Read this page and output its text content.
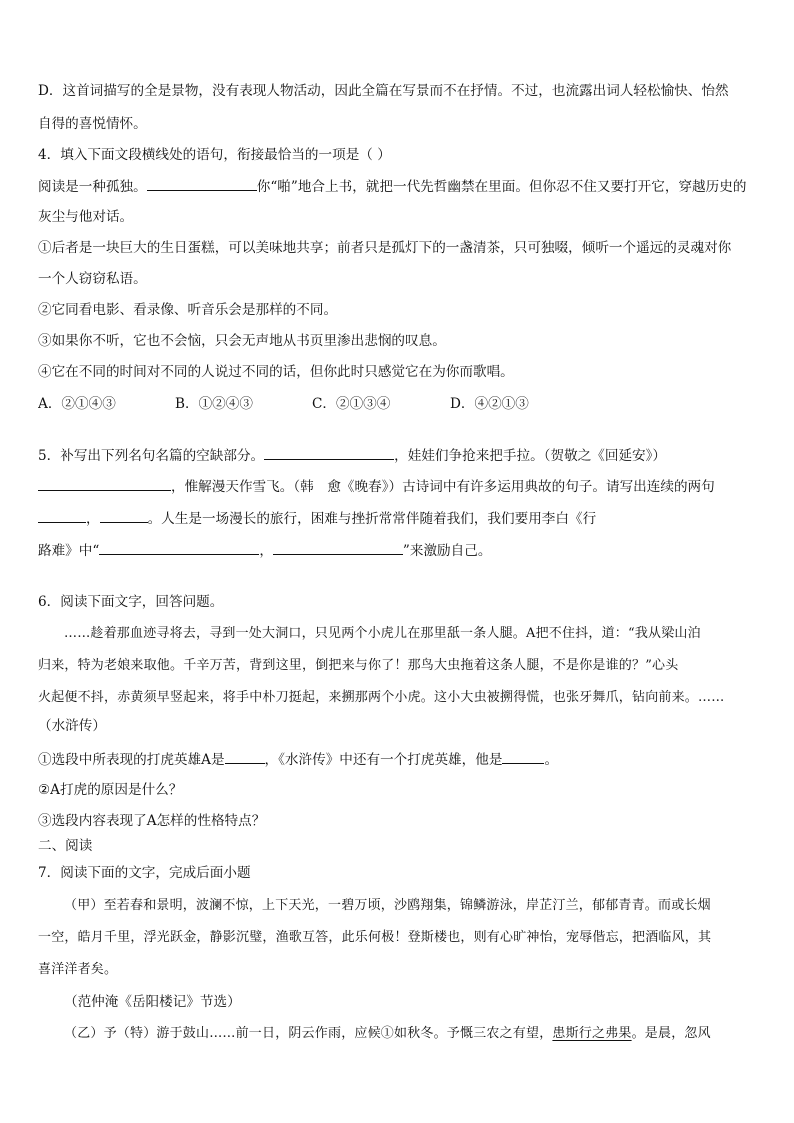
D．这首词描写的全是景物，没有表现人物活动，因此全篇在写景而不在抒情。不过，也流露出词人轻松愉快、怡然
自得的喜悦情怀。
4．填入下面文段横线处的语句，衔接最恰当的一项是（ ）
阅读是一种孤独。	你“啪”地合上书，就把一代先哲幽禁在里面。但你忍不住又要打开它，穿越历史的
灰尘与他对话。
①后者是一块巨大的生日蛋糕，可以美味地共享；前者只是孤灯下的一盏清茶，只可独啜，倾听一个遥远的灵魂对你
一个人窃窃私语。
②它同看电影、看录像、听音乐会是那样的不同。
③如果你不听，它也不会恼，只会无声地从书页里渗出悲悯的叹息。
④它在不同的时间对不同的人说过不同的话，但你此时只感觉它在为你而歌唱。
A．②①④③	B．①②④③	C．②①③④	D．④②①③
5．补写出下列名句名篇的空缺部分。	，娃娃们争抢来把手拉。（贺敬之《回延安》）
，惟解漫天作雪飞。（韩　愈《晚春》）古诗词中有许多运用典故的句子。请写出连续的两句
，	。人生是一场漫长的旅行，困难与挫折常常伴随着我们，我们要用李白《行
路难》中“	，	”来激励自己。
6．阅读下面文字，回答问题。
……趁着那血迹寻将去，寻到一处大洞口，只见两个小虎儿在那里舐一条人腿。A把不住抖，道：“我从梁山泊
归来，特为老娘来取他。千辛万苦，背到这里，倒把来与你了！那鸟大虫拖着这条人腿，不是你是谁的？”心头
火起便不抖，赤黄须早竖起来，将手中朴刀挺起，来搠那两个小虎。这小大虫被搠得慌，也张牙舞爪，钻向前来。……
（水浒传）
①选段中所表现的打虎英雄A是	，《水浒传》中还有一个打虎英雄，他是	。
②A打虎的原因是什么？
③选段内容表现了A怎样的性格特点？
二、阅读
7．阅读下面的文字，完成后面小题
（甲）至若春和景明，波澜不惊，上下天光，一碧万顷，沙鸥翔集，锦鳞游泳，岸芷汀兰，郁郁青青。而或长烟
一空，皓月千里，浮光跃金，静影沉璧，渔歌互答，此乐何极！登斯楼也，则有心旷神怡，宠辱偕忘，把酒临风，其
喜洋洋者矣。
（范仲淹《岳阳楼记》节选）
（乙）予（特）游于鼓山……前一日，阴云作雨，应候①如秋冬。予慨三农之有望，患斯行之弗果。是晨，忽风
